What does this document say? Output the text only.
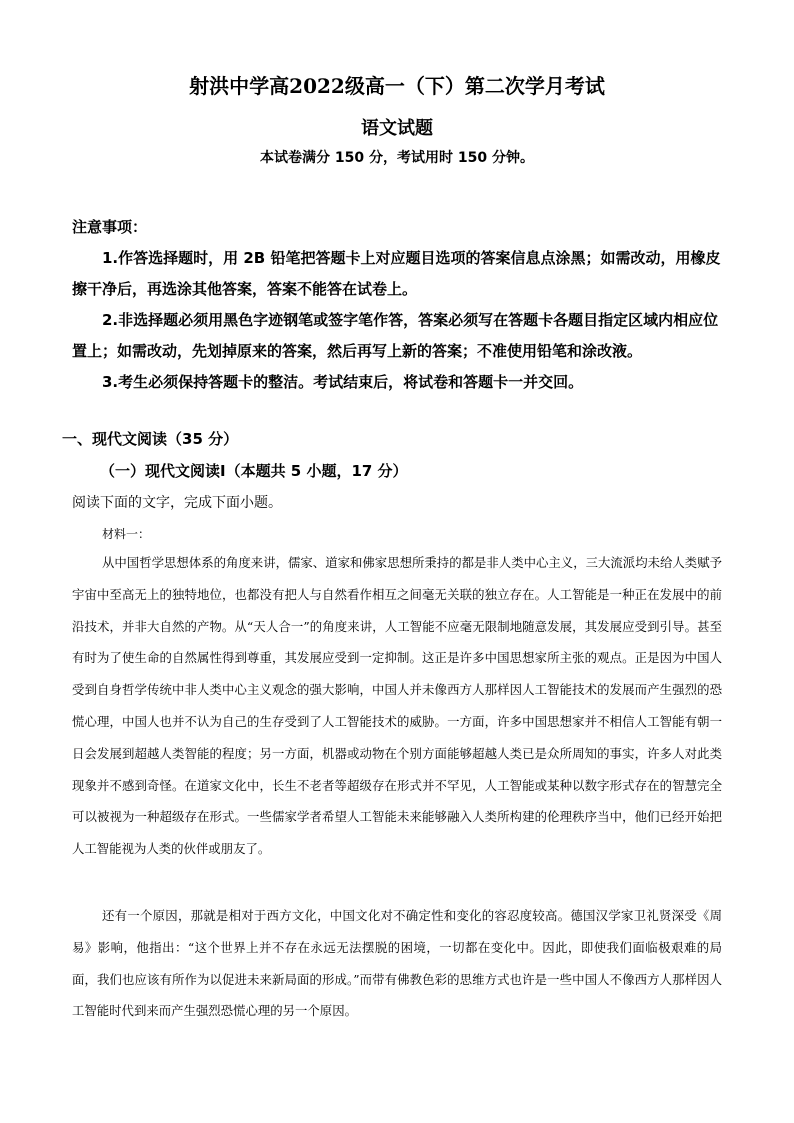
射洪中学高2022级高一（下）第二次学月考试
语文试题
本试卷满分 150 分，考试用时 150 分钟。

注意事项：

1.作答选择题时，用 2B 铅笔把答题卡上对应题目选项的答案信息点涂黑；如需改动，用橡皮擦干净后，再选涂其他答案，答案不能答在试卷上。

2.非选择题必须用黑色字迹钢笔或签字笔作答，答案必须写在答题卡各题目指定区域内相应位置上；如需改动，先划掉原来的答案，然后再写上新的答案；不准使用铅笔和涂改液。

3.考生必须保持答题卡的整洁。考试结束后，将试卷和答题卡一并交回。

一、现代文阅读（35 分）
（一）现代文阅读Ⅰ（本题共 5 小题，17 分）
阅读下面的文字，完成下面小题。
材料一：

从中国哲学思想体系的角度来讲，儒家、道家和佛家思想所秉持的都是非人类中心主义，三大流派均未给人类赋予宇宙中至高无上的独特地位，也都没有把人与自然看作相互之间毫无关联的独立存在。人工智能是一种正在发展中的前沿技术，并非大自然的产物。从“天人合一”的角度来讲，人工智能不应毫无限制地随意发展，其发展应受到引导。甚至有时为了使生命的自然属性得到尊重，其发展应受到一定抑制。这正是许多中国思想家所主张的观点。正是因为中国人受到自身哲学传统中非人类中心主义观念的强大影响，中国人并未像西方人那样因人工智能技术的发展而产生强烈的恐慌心理，中国人也并不认为自己的生存受到了人工智能技术的威胁。一方面，许多中国思想家并不相信人工智能有朝一日会发展到超越人类智能的程度；另一方面，机器或动物在个别方面能够超越人类已是众所周知的事实，许多人对此类现象并不感到奇怪。在道家文化中，长生不老者等超级存在形式并不罕见，人工智能或某种以数字形式存在的智慧完全可以被视为一种超级存在形式。一些儒家学者希望人工智能未来能够融入人类所构建的伦理秩序当中，他们已经开始把人工智能视为人类的伙伴或朋友了。

还有一个原因，那就是相对于西方文化，中国文化对不确定性和变化的容忍度较高。德国汉学家卫礼贤深受《周易》影响，他指出：“这个世界上并不存在永远无法摆脱的困境，一切都在变化中。因此，即使我们面临极艰难的局面，我们也应该有所作为以促进未来新局面的形成。”而带有佛教色彩的思维方式也许是一些中国人不像西方人那样因人工智能时代到来而产生强烈恐慌心理的另一个原因。
